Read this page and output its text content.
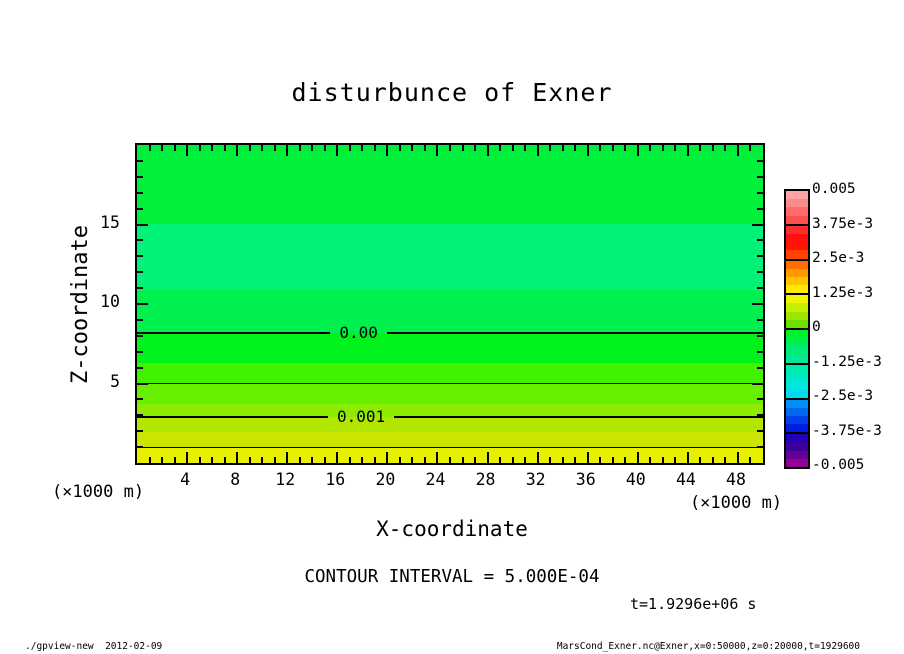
disturbunce of Exner
Z-coordinate	0.00
0.001
(×1000 m)
(×1000 m)
X-coordinate
CONTOUR INTERVAL = 5.000E-04
t=1.9296e+06 s
./gpview-new  2012-02-09	MarsCond_Exner.nc@Exner,x=0:50000,z=0:20000,t=1929600
4	8	12	16	20	24	28	32	36	40	44	48
5
10
15
0.005
3.75e-3
2.5e-3
1.25e-3
0
-1.25e-3
-2.5e-3
-3.75e-3
-0.005
